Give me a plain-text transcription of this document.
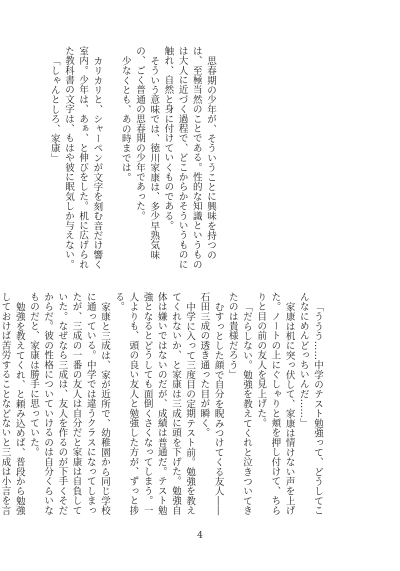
思春期の少年が、そういうことに興味を持つのは、至極当然のことである。性的な知識というものは大人に近づく過程で、どこからかそういうものに触れ、自然と身に付けていくものである。
そういう意味では、徳川家康は、多少早熟気味の、ごく普通の思春期の少年であった。
少なくとも、あの時までは。

カリカリと、シャーペンが文字を刻む音だけ響く室内。少年は、あぁ、と伸びをした。机に広げられた教科書の文字は、もはや彼に眠気しか与えない。
「しゃんとしろ、家康」
「ううう……中学のテスト勉強って、どうしてこんなにめんどっちいんだ……」
家康は机に突っ伏して、家康は情けない声を上げた。ノートの上にぐしゃりと頬を押し付けて、ちらりと目の前の友人を見上げた。
「だらしない。勉強を教えてくれと泣きついてきたのは貴様だろう」
むすっとした顔で自分を睨みつけてくる友人――石田三成の透き通った目が瞬く。
中学に入って三度目の定期テスト前。勉強を教えてくれないか、と家康は三成に頭を下げた。勉強自体は嫌いではないのだが、成績は普通だ。テスト勉強となるとどうしても面倒くさくなってしまう。一人よりも、頭の良い友人と勉強した方が、ずっと捗る。
家康と三成は、家が近所で、幼稚園から同じ学校に通っている。中学では違うクラスになってしまったが、三成の一番の友人は自分だと家康は自負していた。なぜなら三成は、友人を作るのが下手くそだからだ。彼の性格についていけるのは自分くらいなものだと、家康は勝手に思っていた。
勉強を教えてくれ、と頼み込めば、普段から勉強しておけば苦労することなどないと三成は小言を言
4
